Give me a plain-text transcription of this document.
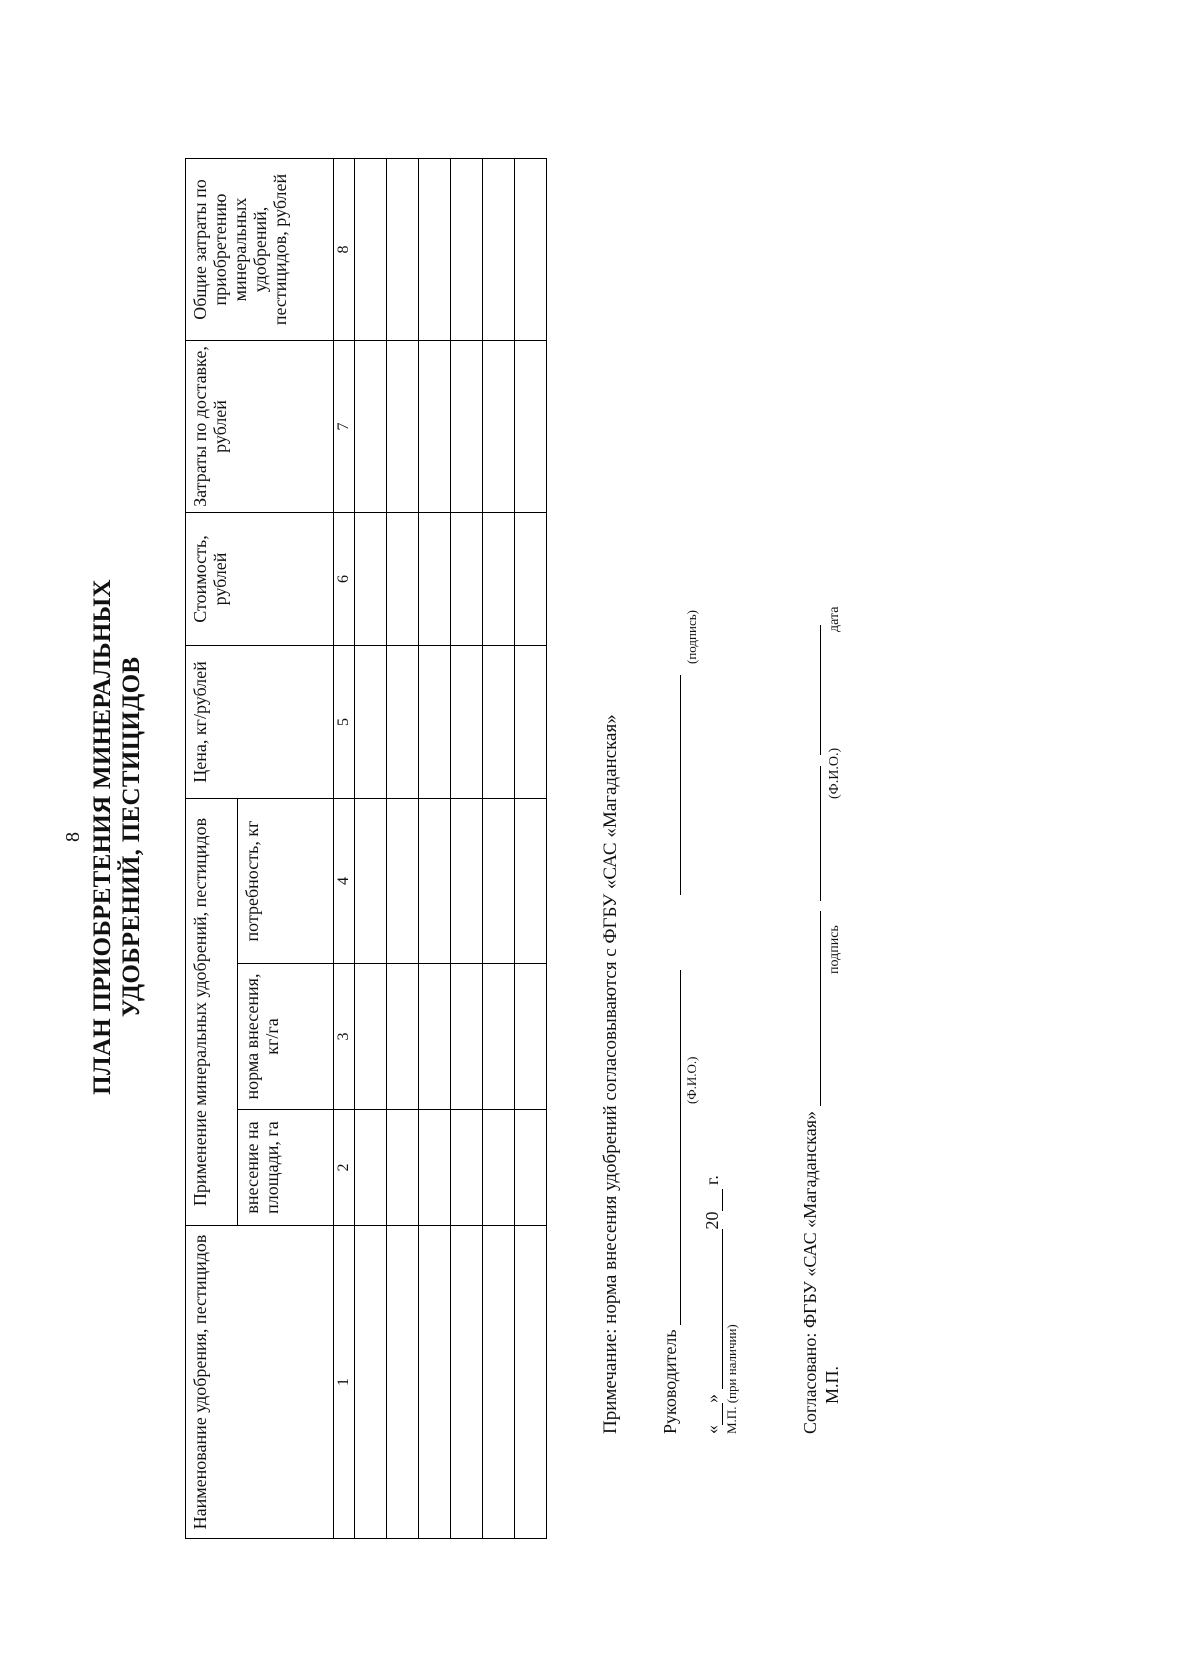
8 ПЛАН ПРИОБРЕТЕНИЯ МИНЕРАЛЬНЫХ УДОБРЕНИЙ, ПЕСТИЦИДОВ
Наименование удобрения, пестицидов	Применение минеральных удобрений, пестицидов			Цена, кг/рублей	Стоимость, рублей	Затраты по доставке, рублей	Общие затраты по приобретению минеральных удобрений, пестицидов, рублей
	внесение на площади, га	норма внесения, кг/га	потребность, кг				
1	2	3	4	5	6	7	8

Примечание: норма внесения удобрений согласовываются с ФГБУ «САС «Магаданская» Руководитель
(Ф.И.О.)
(подпись)
«» 20 г.
М.П. (при наличии)	Согласовано: ФГБУ «САС «Магаданская» М.П.
подпись
(Ф.И.О.)
дата
